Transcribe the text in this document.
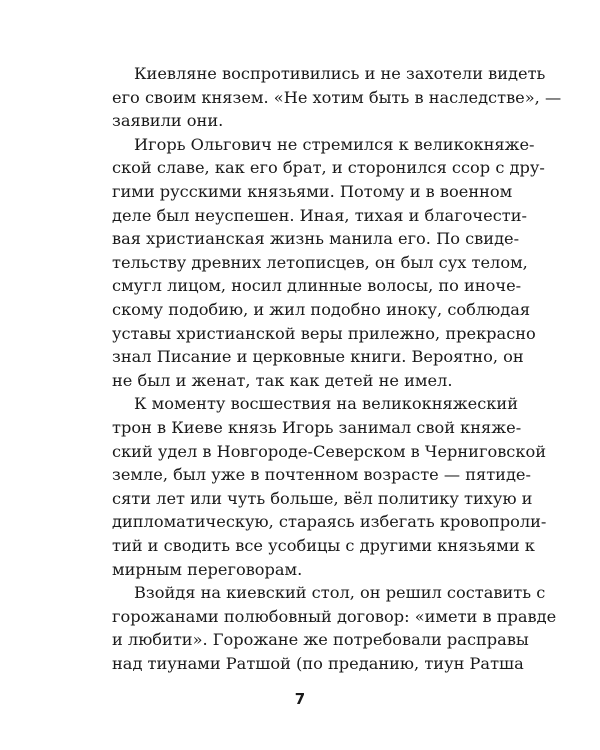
Киевляне воспротивились и не захотели видеть
его своим князем. «Не хотим быть в наследстве», —
заявили они.
Игорь Ольгович не стремился к великокняже-
ской славе, как его брат, и сторонился ссор с дру-
гими русскими князьями. Потому и в военном
деле был неуспешен. Иная, тихая и благочести-
вая христианская жизнь манила его. По свиде-
тельству древних летописцев, он был сух телом,
смугл лицом, носил длинные волосы, по иноче-
скому подобию, и жил подобно иноку, соблюдая
уставы христианской веры прилежно, прекрасно
знал Писание и церковные книги. Вероятно, он
не был и женат, так как детей не имел.
К моменту восшествия на великокняжеский
трон в Киеве князь Игорь занимал свой княже-
ский удел в Новгороде-Северском в Черниговской
земле, был уже в почтенном возрасте — пятиде-
сяти лет или чуть больше, вёл политику тихую и
дипломатическую, стараясь избегать кровопроли-
тий и сводить все усобицы с другими князьями к
мирным переговорам.
Взойдя на киевский стол, он решил составить с
горожанами полюбовный договор: «имети в правде
и любити». Горожане же потребовали расправы
над тиунами Ратшой (по преданию, тиун Ратша
7
